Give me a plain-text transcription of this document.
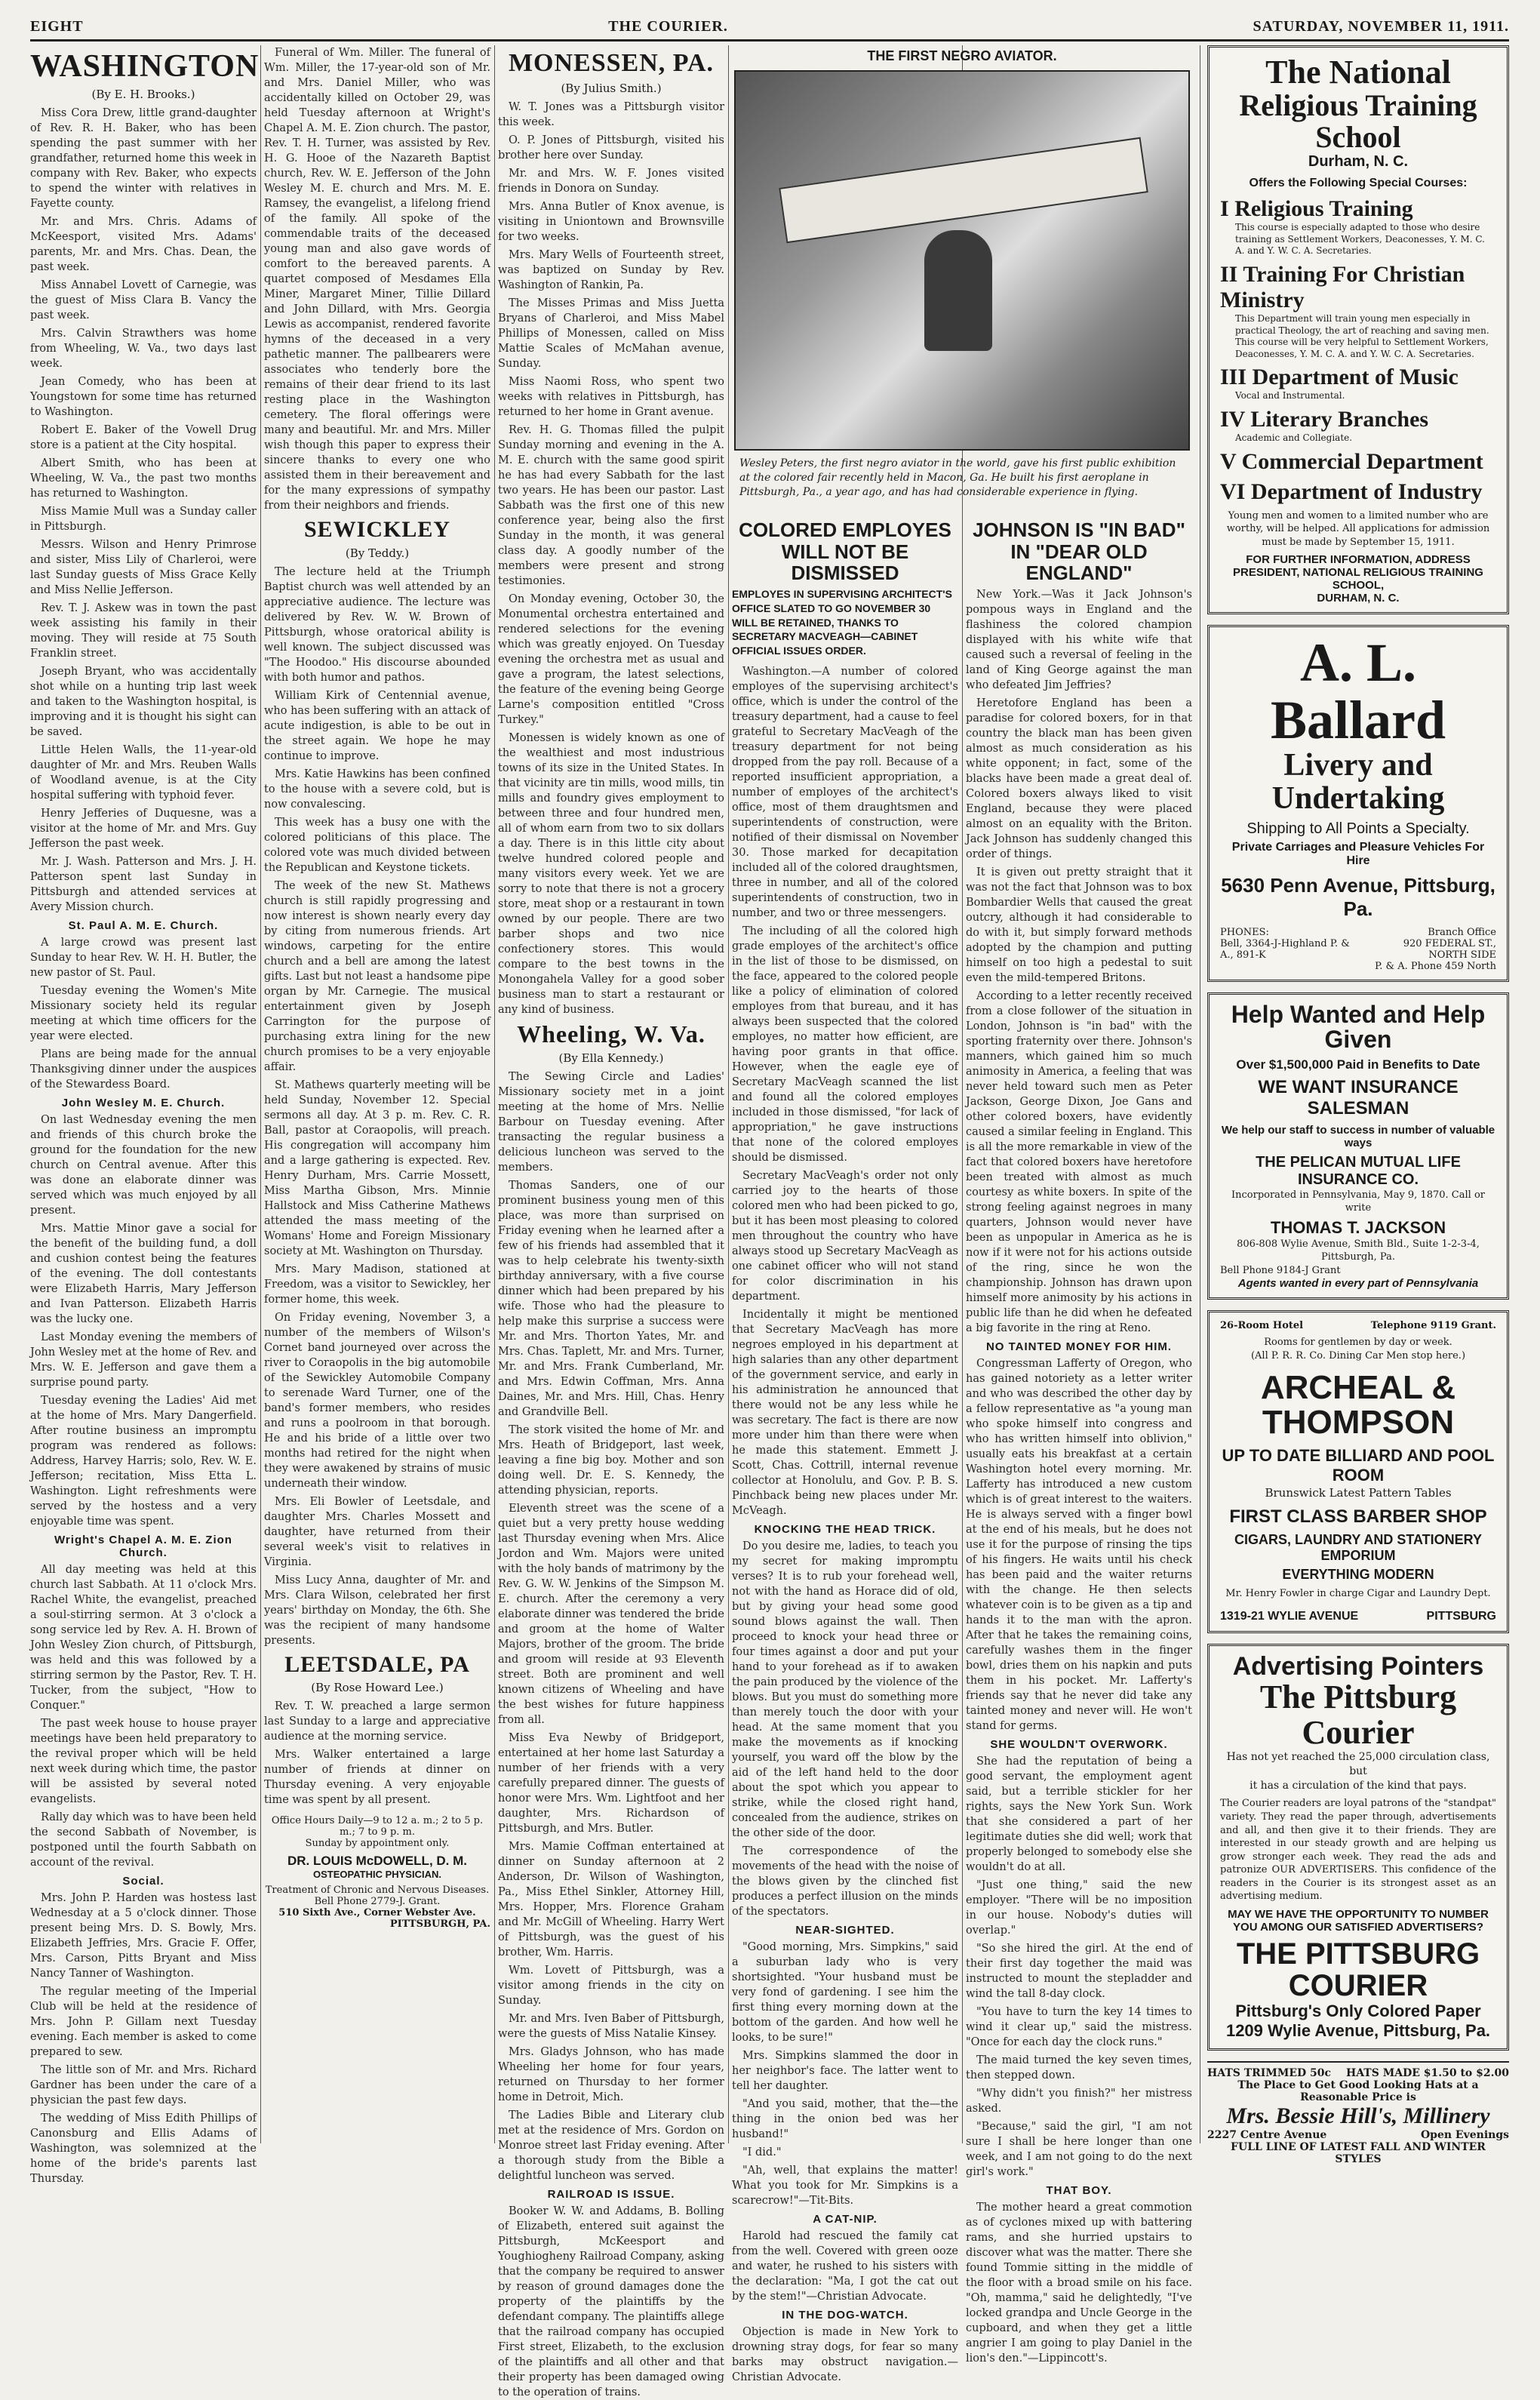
EIGHT	THE COURIER.	SATURDAY, NOVEMBER 11, 1911.
WASHINGTON
(By E. H. Brooks.)

Miss Cora Drew, little grand-daughter of Rev. R. H. Baker, who has been spending the past summer with her grandfather, returned home this week in company with Rev. Baker, who expects to spend the winter with relatives in Fayette county.

Mr. and Mrs. Chris. Adams of McKeesport, visited Mrs. Adams' parents, Mr. and Mrs. Chas. Dean, the past week.

Miss Annabel Lovett of Carnegie, was the guest of Miss Clara B. Vancy the past week.

Mrs. Calvin Strawthers was home from Wheeling, W. Va., two days last week.

Jean Comedy, who has been at Youngstown for some time has returned to Washington.

Robert E. Baker of the Vowell Drug store is a patient at the City hospital.

Albert Smith, who has been at Wheeling, W. Va., the past two months has returned to Washington.

Miss Mamie Mull was a Sunday caller in Pittsburgh.

Messrs. Wilson and Henry Primrose and sister, Miss Lily of Charleroi, were last Sunday guests of Miss Grace Kelly and Miss Nellie Jefferson.

Rev. T. J. Askew was in town the past week assisting his family in their moving. They will reside at 75 South Franklin street.

Joseph Bryant, who was accidentally shot while on a hunting trip last week and taken to the Washington hospital, is improving and it is thought his sight can be saved.

Little Helen Walls, the 11-year-old daughter of Mr. and Mrs. Reuben Walls of Woodland avenue, is at the City hospital suffering with typhoid fever.

Henry Jefferies of Duquesne, was a visitor at the home of Mr. and Mrs. Guy Jefferson the past week.

Mr. J. Wash. Patterson and Mrs. J. H. Patterson spent last Sunday in Pittsburgh and attended services at Avery Mission church.

St. Paul A. M. E. Church.

A large crowd was present last Sunday to hear Rev. W. H. H. Butler, the new pastor of St. Paul.

Tuesday evening the Women's Mite Missionary society held its regular meeting at which time officers for the year were elected.

Plans are being made for the annual Thanksgiving dinner under the auspices of the Stewardess Board.

John Wesley M. E. Church.

On last Wednesday evening the men and friends of this church broke the ground for the foundation for the new church on Central avenue. After this was done an elaborate dinner was served which was much enjoyed by all present.

Mrs. Mattie Minor gave a social for the benefit of the building fund, a doll and cushion contest being the features of the evening. The doll contestants were Elizabeth Harris, Mary Jefferson and Ivan Patterson. Elizabeth Harris was the lucky one.

Last Monday evening the members of John Wesley met at the home of Rev. and Mrs. W. E. Jefferson and gave them a surprise pound party.

Tuesday evening the Ladies' Aid met at the home of Mrs. Mary Dangerfield. After routine business an impromptu program was rendered as follows: Address, Harvey Harris; solo, Rev. W. E. Jefferson; recitation, Miss Etta L. Washington. Light refreshments were served by the hostess and a very enjoyable time was spent.

Wright's Chapel A. M. E. Zion Church.

All day meeting was held at this church last Sabbath. At 11 o'clock Mrs. Rachel White, the evangelist, preached a soul-stirring sermon. At 3 o'clock a song service led by Rev. A. H. Brown of John Wesley Zion church, of Pittsburgh, was held and this was followed by a stirring sermon by the Pastor, Rev. T. H. Tucker, from the subject, "How to Conquer."

The past week house to house prayer meetings have been held preparatory to the revival proper which will be held next week during which time, the pastor will be assisted by several noted evangelists.

Rally day which was to have been held the second Sabbath of November, is postponed until the fourth Sabbath on account of the revival.

Social.

Mrs. John P. Harden was hostess last Wednesday at a 5 o'clock dinner. Those present being Mrs. D. S. Bowly, Mrs. Elizabeth Jeffries, Mrs. Gracie F. Offer, Mrs. Carson, Pitts Bryant and Miss Nancy Tanner of Washington.

The regular meeting of the Imperial Club will be held at the residence of Mrs. John P. Gillam next Tuesday evening. Each member is asked to come prepared to sew.

The little son of Mr. and Mrs. Richard Gardner has been under the care of a physician the past few days.

The wedding of Miss Edith Phillips of Canonsburg and Ellis Adams of Washington, was solemnized at the home of the bride's parents last Thursday.

Funeral of Wm. Miller. The funeral of Wm. Miller, the 17-year-old son of Mr. and Mrs. Daniel Miller, who was accidentally killed on October 29, was held Tuesday afternoon at Wright's Chapel A. M. E. Zion church. The pastor, Rev. T. H. Turner, was assisted by Rev. H. G. Hooe of the Nazareth Baptist church, Rev. W. E. Jefferson of the John Wesley M. E. church and Mrs. M. E. Ramsey, the evangelist, a lifelong friend of the family. All spoke of the commendable traits of the deceased young man and also gave words of comfort to the bereaved parents. A quartet composed of Mesdames Ella Miner, Margaret Miner, Tillie Dillard and John Dillard, with Mrs. Georgia Lewis as accompanist, rendered favorite hymns of the deceased in a very pathetic manner. The pallbearers were associates who tenderly bore the remains of their dear friend to its last resting place in the Washington cemetery. The floral offerings were many and beautiful. Mr. and Mrs. Miller wish though this paper to express their sincere thanks to every one who assisted them in their bereavement and for the many expressions of sympathy from their neighbors and friends.

SEWICKLEY
(By Teddy.)

The lecture held at the Triumph Baptist church was well attended by an appreciative audience. The lecture was delivered by Rev. W. W. Brown of Pittsburgh, whose oratorical ability is well known. The subject discussed was "The Hoodoo." His discourse abounded with both humor and pathos.

William Kirk of Centennial avenue, who has been suffering with an attack of acute indigestion, is able to be out in the street again. We hope he may continue to improve.

Mrs. Katie Hawkins has been confined to the house with a severe cold, but is now convalescing.

This week has a busy one with the colored politicians of this place. The colored vote was much divided between the Republican and Keystone tickets.

The week of the new St. Mathews church is still rapidly progressing and now interest is shown nearly every day by citing from numerous friends. Art windows, carpeting for the entire church and a bell are among the latest gifts. Last but not least a handsome pipe organ by Mr. Carnegie. The musical entertainment given by Joseph Carrington for the purpose of purchasing extra lining for the new church promises to be a very enjoyable affair.

St. Mathews quarterly meeting will be held Sunday, November 12. Special sermons all day. At 3 p. m. Rev. C. R. Ball, pastor at Coraopolis, will preach. His congregation will accompany him and a large gathering is expected. Rev. Henry Durham, Mrs. Carrie Mossett, Miss Martha Gibson, Mrs. Minnie Hallstock and Miss Catherine Mathews attended the mass meeting of the Womans' Home and Foreign Missionary society at Mt. Washington on Thursday.

Mrs. Mary Madison, stationed at Freedom, was a visitor to Sewickley, her former home, this week.

On Friday evening, November 3, a number of the members of Wilson's Cornet band journeyed over across the river to Coraopolis in the big automobile of the Sewickley Automobile Company to serenade Ward Turner, one of the band's former members, who resides and runs a poolroom in that borough. He and his bride of a little over two months had retired for the night when they were awakened by strains of music underneath their window.

Mrs. Eli Bowler of Leetsdale, and daughter Mrs. Charles Mossett and daughter, have returned from their several week's visit to relatives in Virginia.

Miss Lucy Anna, daughter of Mr. and Mrs. Clara Wilson, celebrated her first years' birthday on Monday, the 6th. She was the recipient of many handsome presents.

LEETSDALE, PA
(By Rose Howard Lee.)

Rev. T. W. preached a large sermon last Sunday to a large and appreciative audience at the morning service.

Mrs. Walker entertained a large number of friends at dinner on Thursday evening. A very enjoyable time was spent by all present.

Office Hours Daily—9 to 12 a. m.; 2 to 5 p. m.; 7 to 9 p. m.
Sunday by appointment only.
DR. LOUIS McDOWELL, D. M.
OSTEOPATHIC PHYSICIAN.
Treatment of Chronic and Nervous Diseases.
Bell Phone 2779-J. Grant.
510 Sixth Ave., Corner Webster Ave.
PITTSBURGH, PA.
MONESSEN, PA.
(By Julius Smith.)

W. T. Jones was a Pittsburgh visitor this week.

O. P. Jones of Pittsburgh, visited his brother here over Sunday.

Mr. and Mrs. W. F. Jones visited friends in Donora on Sunday.

Mrs. Anna Butler of Knox avenue, is visiting in Uniontown and Brownsville for two weeks.

Mrs. Mary Wells of Fourteenth street, was baptized on Sunday by Rev. Washington of Rankin, Pa.

The Misses Primas and Miss Juetta Bryans of Charleroi, and Miss Mabel Phillips of Monessen, called on Miss Mattie Scales of McMahan avenue, Sunday.

Miss Naomi Ross, who spent two weeks with relatives in Pittsburgh, has returned to her home in Grant avenue.

Rev. H. G. Thomas filled the pulpit Sunday morning and evening in the A. M. E. church with the same good spirit he has had every Sabbath for the last two years. He has been our pastor. Last Sabbath was the first one of this new conference year, being also the first Sunday in the month, it was general class day. A goodly number of the members were present and strong testimonies.

On Monday evening, October 30, the Monumental orchestra entertained and rendered selections for the evening which was greatly enjoyed. On Tuesday evening the orchestra met as usual and gave a program, the latest selections, the feature of the evening being George Larne's composition entitled "Cross Turkey."

Monessen is widely known as one of the wealthiest and most industrious towns of its size in the United States. In that vicinity are tin mills, wood mills, tin mills and foundry gives employment to between three and four hundred men, all of whom earn from two to six dollars a day. There is in this little city about twelve hundred colored people and many visitors every week. Yet we are sorry to note that there is not a grocery store, meat shop or a restaurant in town owned by our people. There are two barber shops and two nice confectionery stores. This would compare to the best towns in the Monongahela Valley for a good sober business man to start a restaurant or any kind of business.

Wheeling, W. Va.
(By Ella Kennedy.)

The Sewing Circle and Ladies' Missionary society met in a joint meeting at the home of Mrs. Nellie Barbour on Tuesday evening. After transacting the regular business a delicious luncheon was served to the members.

Thomas Sanders, one of our prominent business young men of this place, was more than surprised on Friday evening when he learned after a few of his friends had assembled that it was to help celebrate his twenty-sixth birthday anniversary, with a five course dinner which had been prepared by his wife. Those who had the pleasure to help make this surprise a success were Mr. and Mrs. Thorton Yates, Mr. and Mrs. Chas. Taplett, Mr. and Mrs. Turner, Mr. and Mrs. Frank Cumberland, Mr. and Mrs. Edwin Coffman, Mrs. Anna Daines, Mr. and Mrs. Hill, Chas. Henry and Grandville Bell.

The stork visited the home of Mr. and Mrs. Heath of Bridgeport, last week, leaving a fine big boy. Mother and son doing well. Dr. E. S. Kennedy, the attending physician, reports.

Eleventh street was the scene of a quiet but a very pretty house wedding last Thursday evening when Mrs. Alice Jordon and Wm. Majors were united with the holy bands of matrimony by the Rev. G. W. W. Jenkins of the Simpson M. E. church. After the ceremony a very elaborate dinner was tendered the bride and groom at the home of Walter Majors, brother of the groom. The bride and groom will reside at 93 Eleventh street. Both are prominent and well known citizens of Wheeling and have the best wishes for future happiness from all.

Miss Eva Newby of Bridgeport, entertained at her home last Saturday a number of her friends with a very carefully prepared dinner. The guests of honor were Mrs. Wm. Lightfoot and her daughter, Mrs. Richardson of Pittsburgh, and Mrs. Butler.

Mrs. Mamie Coffman entertained at dinner on Sunday afternoon at 2 Anderson, Dr. Wilson of Washington, Pa., Miss Ethel Sinkler, Attorney Hill, Mrs. Hopper, Mrs. Florence Graham and Mr. McGill of Wheeling. Harry Wert of Pittsburgh, was the guest of his brother, Wm. Harris.

Wm. Lovett of Pittsburgh, was a visitor among friends in the city on Sunday.

Mr. and Mrs. Iven Baber of Pittsburgh, were the guests of Miss Natalie Kinsey.

Mrs. Gladys Johnson, who has made Wheeling her home for four years, returned on Thursday to her former home in Detroit, Mich.

The Ladies Bible and Literary club met at the residence of Mrs. Gordon on Monroe street last Friday evening. After a thorough study from the Bible a delightful luncheon was served.

RAILROAD IS ISSUE.

Booker W. W. and Addams, B. Bolling of Elizabeth, entered suit against the Pittsburgh, McKeesport and Youghiogheny Railroad Company, asking that the company be required to answer by reason of ground damages done the property of the plaintiffs by the defendant company. The plaintiffs allege that the railroad company has occupied First street, Elizabeth, to the exclusion of the plaintiffs and all other and that their property has been damaged owing to the operation of trains.

THE FIRST NEGRO AVIATOR.
Wesley Peters, the first negro aviator in the world, gave his first public exhibition at the colored fair recently held in Macon, Ga. He built his first aeroplane in Pittsburgh, Pa., a year ago, and has had considerable experience in flying.
COLORED EMPLOYES WILL NOT BE DISMISSED
EMPLOYES IN SUPERVISING ARCHITECT'S OFFICE SLATED TO GO NOVEMBER 30 WILL BE RETAINED, THANKS TO SECRETARY MACVEAGH—CABINET OFFICIAL ISSUES ORDER.

Washington.—A number of colored employes of the supervising architect's office, which is under the control of the treasury department, had a cause to feel grateful to Secretary MacVeagh of the treasury department for not being dropped from the pay roll. Because of a reported insufficient appropriation, a number of employes of the architect's office, most of them draughtsmen and superintendents of construction, were notified of their dismissal on November 30. Those marked for decapitation included all of the colored draughtsmen, three in number, and all of the colored superintendents of construction, two in number, and two or three messengers.

The including of all the colored high grade employes of the architect's office in the list of those to be dismissed, on the face, appeared to the colored people like a policy of elimination of colored employes from that bureau, and it has always been suspected that the colored employes, no matter how efficient, are having poor grants in that office. However, when the eagle eye of Secretary MacVeagh scanned the list and found all the colored employes included in those dismissed, "for lack of appropriation," he gave instructions that none of the colored employes should be dismissed.

Secretary MacVeagh's order not only carried joy to the hearts of those colored men who had been picked to go, but it has been most pleasing to colored men throughout the country who have always stood up Secretary MacVeagh as one cabinet officer who will not stand for color discrimination in his department.

Incidentally it might be mentioned that Secretary MacVeagh has more negroes employed in his department at high salaries than any other department of the government service, and early in his administration he announced that there would not be any less while he was secretary. The fact is there are now more under him than there were when he made this statement. Emmett J. Scott, Chas. Cottrill, internal revenue collector at Honolulu, and Gov. P. B. S. Pinchback being new places under Mr. McVeagh.

KNOCKING THE HEAD TRICK.

Do you desire me, ladies, to teach you my secret for making impromptu verses? It is to rub your forehead well, not with the hand as Horace did of old, but by giving your head some good sound blows against the wall. Then proceed to knock your head three or four times against a door and put your hand to your forehead as if to awaken the pain produced by the violence of the blows. But you must do something more than merely touch the door with your head. At the same moment that you make the movements as if knocking yourself, you ward off the blow by the aid of the left hand held to the door about the spot which you appear to strike, while the closed right hand, concealed from the audience, strikes on the other side of the door.

The correspondence of the movements of the head with the noise of the blows given by the clinched fist produces a perfect illusion on the minds of the spectators.

NEAR-SIGHTED.

"Good morning, Mrs. Simpkins," said a suburban lady who is very shortsighted. "Your husband must be very fond of gardening. I see him the first thing every morning down at the bottom of the garden. And how well he looks, to be sure!"

Mrs. Simpkins slammed the door in her neighbor's face. The latter went to tell her daughter.

"And you said, mother, that the—the thing in the onion bed was her husband!"

"I did."

"Ah, well, that explains the matter! What you took for Mr. Simpkins is a scarecrow!"—Tit-Bits.

A CAT-NIP.

Harold had rescued the family cat from the well. Covered with green ooze and water, he rushed to his sisters with the declaration: "Ma, I got the cat out by the stem!"—Christian Advocate.

IN THE DOG-WATCH.

Objection is made in New York to drowning stray dogs, for fear so many barks may obstruct navigation.—Christian Advocate.

JOHNSON IS "IN BAD" IN "DEAR OLD ENGLAND"

New York.—Was it Jack Johnson's pompous ways in England and the flashiness the colored champion displayed with his white wife that caused such a reversal of feeling in the land of King George against the man who defeated Jim Jeffries?

Heretofore England has been a paradise for colored boxers, for in that country the black man has been given almost as much consideration as his white opponent; in fact, some of the blacks have been made a great deal of. Colored boxers always liked to visit England, because they were placed almost on an equality with the Briton. Jack Johnson has suddenly changed this order of things.

It is given out pretty straight that it was not the fact that Johnson was to box Bombardier Wells that caused the great outcry, although it had considerable to do with it, but simply forward methods adopted by the champion and putting himself on too high a pedestal to suit even the mild-tempered Britons.

According to a letter recently received from a close follower of the situation in London, Johnson is "in bad" with the sporting fraternity over there. Johnson's manners, which gained him so much animosity in America, a feeling that was never held toward such men as Peter Jackson, George Dixon, Joe Gans and other colored boxers, have evidently caused a similar feeling in England. This is all the more remarkable in view of the fact that colored boxers have heretofore been treated with almost as much courtesy as white boxers. In spite of the strong feeling against negroes in many quarters, Johnson would never have been as unpopular in America as he is now if it were not for his actions outside of the ring, since he won the championship. Johnson has drawn upon himself more animosity by his actions in public life than he did when he defeated a big favorite in the ring at Reno.

NO TAINTED MONEY FOR HIM.

Congressman Lafferty of Oregon, who has gained notoriety as a letter writer and who was described the other day by a fellow representative as "a young man who spoke himself into congress and who has written himself into oblivion," usually eats his breakfast at a certain Washington hotel every morning. Mr. Lafferty has introduced a new custom which is of great interest to the waiters. He is always served with a finger bowl at the end of his meals, but he does not use it for the purpose of rinsing the tips of his fingers. He waits until his check has been paid and the waiter returns with the change. He then selects whatever coin is to be given as a tip and hands it to the man with the apron. After that he takes the remaining coins, carefully washes them in the finger bowl, dries them on his napkin and puts them in his pocket. Mr. Lafferty's friends say that he never did take any tainted money and never will. He won't stand for germs.

SHE WOULDN'T OVERWORK.

She had the reputation of being a good servant, the employment agent said, but a terrible stickler for her rights, says the New York Sun. Work that she considered a part of her legitimate duties she did well; work that properly belonged to somebody else she wouldn't do at all.

"Just one thing," said the new employer. "There will be no imposition in our house. Nobody's duties will overlap."

"So she hired the girl. At the end of their first day together the maid was instructed to mount the stepladder and wind the tall 8-day clock.

"You have to turn the key 14 times to wind it clear up," said the mistress. "Once for each day the clock runs."

The maid turned the key seven times, then stepped down.

"Why didn't you finish?" her mistress asked.

"Because," said the girl, "I am not sure I shall be here longer than one week, and I am not going to do the next girl's work."

THAT BOY.

The mother heard a great commotion as of cyclones mixed up with battering rams, and she hurried upstairs to discover what was the matter. There she found Tommie sitting in the middle of the floor with a broad smile on his face. "Oh, mamma," said he delightedly, "I've locked grandpa and Uncle George in the cupboard, and when they get a little angrier I am going to play Daniel in the lion's den."—Lippincott's.

The National
Religious Training School
Durham, N. C.
Offers the Following Special Courses:
I Religious Training
This course is especially adapted to those who desire training as Settlement Workers, Deaconesses, Y. M. C. A. and Y. W. C. A. Secretaries.
II Training For Christian Ministry
This Department will train young men especially in practical Theology, the art of reaching and saving men. This course will be very helpful to Settlement Workers, Deaconesses, Y. M. C. A. and Y. W. C. A. Secretaries.
III Department of Music
Vocal and Instrumental.
IV Literary Branches
Academic and Collegiate.
V Commercial Department
VI Department of Industry
Young men and women to a limited number who are worthy, will be helped. All applications for admission must be made by September 15, 1911.
FOR FURTHER INFORMATION, ADDRESS
PRESIDENT, NATIONAL RELIGIOUS TRAINING SCHOOL,
DURHAM, N. C.
A. L. Ballard
Livery and Undertaking
Shipping to All Points a Specialty.
Private Carriages and Pleasure Vehicles For Hire
5630 Penn Avenue, Pittsburg, Pa.
PHONES:
Bell, 3364-J-Highland P. & A., 891-K
Branch Office
920 FEDERAL ST., NORTH SIDE
P. & A. Phone 459 North
Help Wanted and Help Given
Over $1,500,000 Paid in Benefits to Date
WE WANT INSURANCE SALESMAN
We help our staff to success in number of valuable ways
THE PELICAN MUTUAL LIFE INSURANCE CO.
Incorporated in Pennsylvania, May 9, 1870. Call or write
THOMAS T. JACKSON
806-808 Wylie Avenue, Smith Bld., Suite 1-2-3-4, Pittsburgh, Pa.
Bell Phone 9184-J Grant
Agents wanted in every part of Pennsylvania
26-Room Hotel	Telephone 9119 Grant.
Rooms for gentlemen by day or week.
(All P. R. R. Co. Dining Car Men stop here.)
ARCHEAL & THOMPSON
UP TO DATE BILLIARD AND POOL ROOM
Brunswick Latest Pattern Tables
FIRST CLASS BARBER SHOP
CIGARS, LAUNDRY AND STATIONERY EMPORIUM
EVERYTHING MODERN
Mr. Henry Fowler in charge Cigar and Laundry Dept.
1319-21 WYLIE AVENUE	PITTSBURG
Advertising Pointers
The Pittsburg Courier
Has not yet reached the 25,000 circulation class, but
it has a circulation of the kind that pays.
The Courier readers are loyal patrons of the "standpat" variety. They read the paper through, advertisements and all, and then give it to their friends. They are interested in our steady growth and are helping us grow stronger each week. They read the ads and patronize OUR ADVERTISERS. This confidence of the readers in the Courier is its strongest asset as an advertising medium.
MAY WE HAVE THE OPPORTUNITY TO NUMBER YOU AMONG OUR SATISFIED ADVERTISERS?
THE PITTSBURG COURIER
Pittsburg's Only Colored Paper
1209 Wylie Avenue, Pittsburg, Pa.
HATS TRIMMED 50c HATS MADE $1.50 to $2.00
The Place to Get Good Looking Hats at a Reasonable Price is
Mrs. Bessie Hill's, Millinery
2227 Centre Avenue	Open Evenings
FULL LINE OF LATEST FALL AND WINTER STYLES
